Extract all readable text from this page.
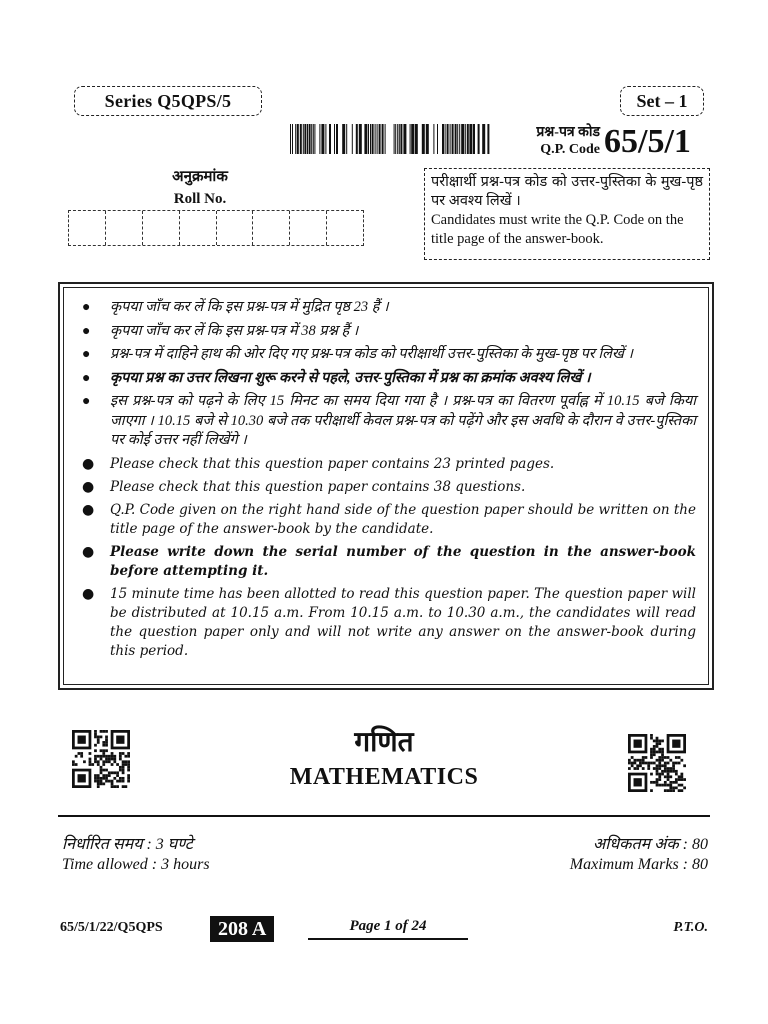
Series Q5QPS/5	Set – 1
प्रश्न-पत्र कोड
Q.P. Code 65/5/1
अनुक्रमांक
Roll No.
परीक्षार्थी प्रश्न-पत्र कोड को उत्तर-पुस्तिका के मुख-पृष्ठ पर अवश्य लिखें ।
Candidates must write the Q.P. Code on the title page of the answer-book.
● कृपया जाँच कर लें कि इस प्रश्न-पत्र में मुद्रित पृष्ठ 23 हैं ।
● कृपया जाँच कर लें कि इस प्रश्न-पत्र में 38 प्रश्न हैं ।
● प्रश्न-पत्र में दाहिने हाथ की ओर दिए गए प्रश्न-पत्र कोड को परीक्षार्थी उत्तर-पुस्तिका के मुख-पृष्ठ पर लिखें ।
● कृपया प्रश्न का उत्तर लिखना शुरू करने से पहले, उत्तर-पुस्तिका में प्रश्न का क्रमांक अवश्य लिखें ।
● इस प्रश्न-पत्र को पढ़ने के लिए 15 मिनट का समय दिया गया है । प्रश्न-पत्र का वितरण पूर्वाह्न में 10.15 बजे किया जाएगा । 10.15 बजे से 10.30 बजे तक परीक्षार्थी केवल प्रश्न-पत्र को पढ़ेंगे और इस अवधि के दौरान वे उत्तर-पुस्तिका पर कोई उत्तर नहीं लिखेंगे ।
● Please check that this question paper contains 23 printed pages.
● Please check that this question paper contains 38 questions.
● Q.P. Code given on the right hand side of the question paper should be written on the title page of the answer-book by the candidate.
● Please write down the serial number of the question in the answer-book before attempting it.
● 15 minute time has been allotted to read this question paper. The question paper will be distributed at 10.15 a.m. From 10.15 a.m. to 10.30 a.m., the candidates will read the question paper only and will not write any answer on the answer-book during this period.
गणित
MATHEMATICS
निर्धारित समय : 3 घण्टे
Time allowed : 3 hours
अधिकतम अंक : 80
Maximum Marks : 80
65/5/1/22/Q5QPS	208 A	Page 1 of 24	P.T.O.
